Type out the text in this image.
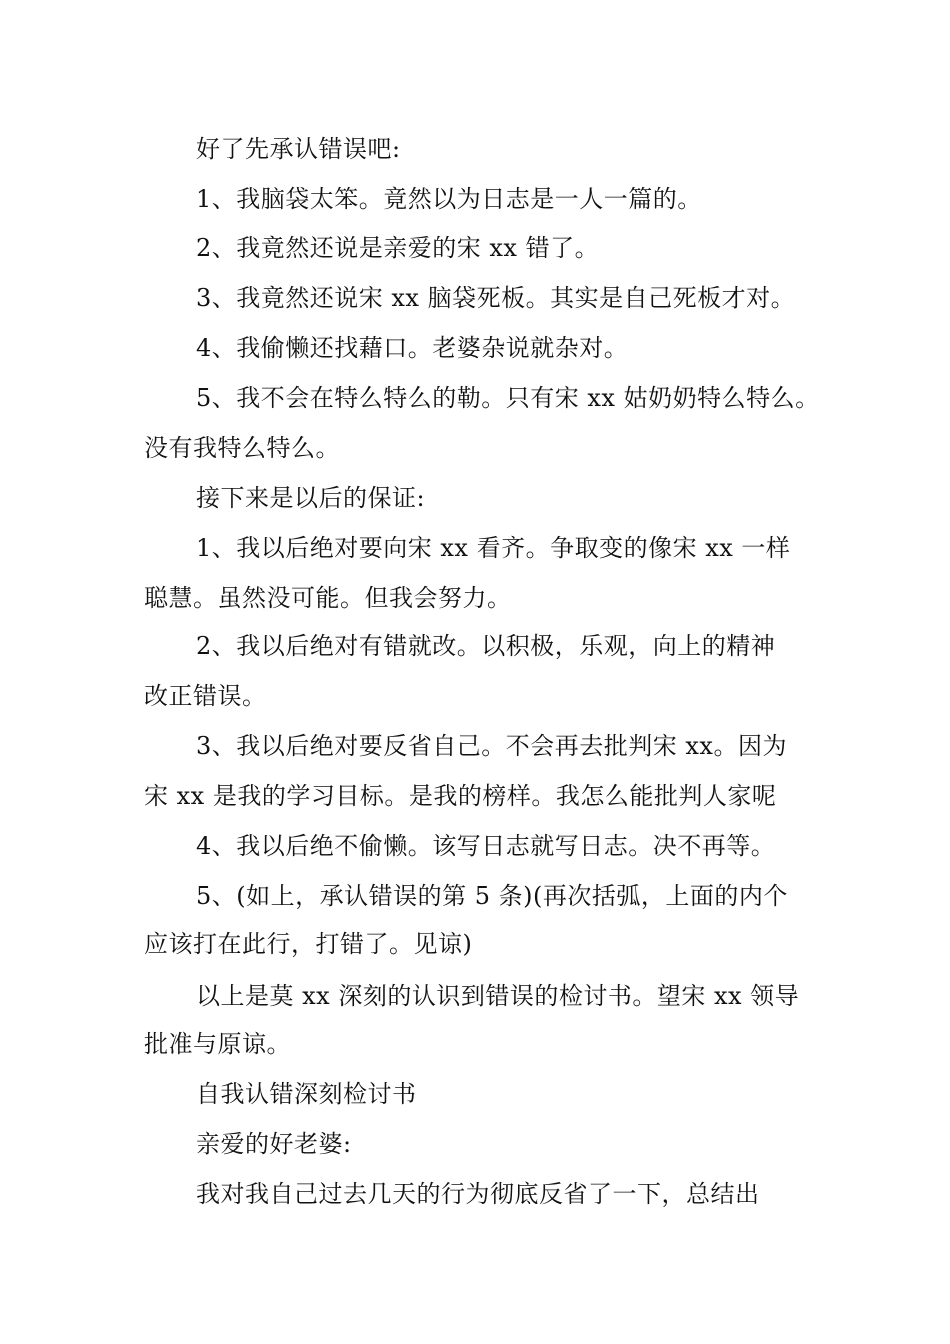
好了先承认错误吧:
1、我脑袋太笨。竟然以为日志是一人一篇的。
2、我竟然还说是亲爱的宋 xx 错了。
3、我竟然还说宋 xx 脑袋死板。其实是自己死板才对。
4、我偷懒还找藉口。老婆杂说就杂对。
5、我不会在特么特么的勒。只有宋 xx 姑奶奶特么特么。
没有我特么特么。
接下来是以后的保证:
1、我以后绝对要向宋 xx 看齐。争取变的像宋 xx 一样
聪慧。虽然没可能。但我会努力。
2、我以后绝对有错就改。以积极，乐观，向上的精神
改正错误。
3、我以后绝对要反省自己。不会再去批判宋 xx。因为
宋 xx 是我的学习目标。是我的榜样。我怎么能批判人家呢
4、我以后绝不偷懒。该写日志就写日志。决不再等。
5、(如上，承认错误的第 5 条)(再次括弧，上面的内个
应该打在此行，打错了。见谅)
以上是莫 xx 深刻的认识到错误的检讨书。望宋 xx 领导
批准与原谅。
自我认错深刻检讨书
亲爱的好老婆:
我对我自己过去几天的行为彻底反省了一下，总结出
